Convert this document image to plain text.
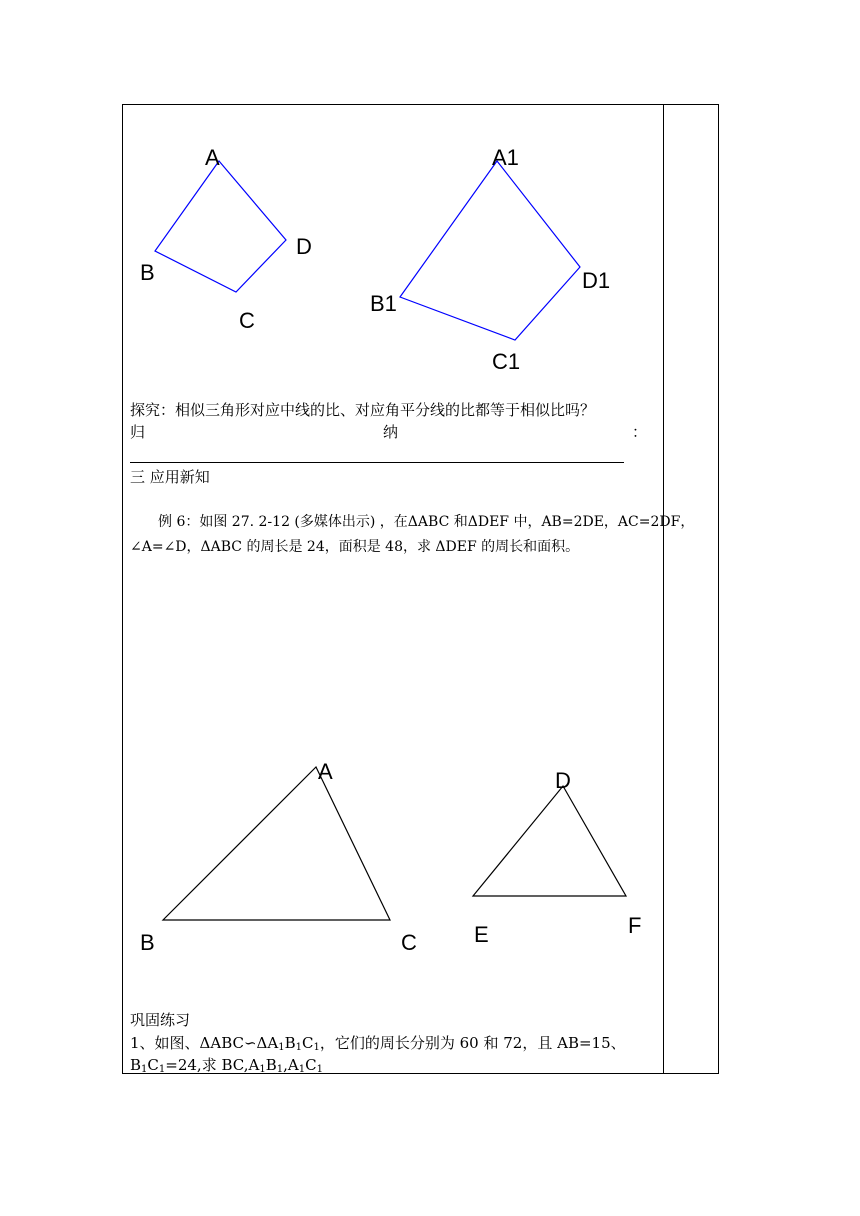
A
B
C
D
A1
B1
C1
D1
A
B	C
D
E	F
探究：相似三角形对应中线的比、对应角平分线的比都等于相似比吗？
归	纳	：
三 应用新知
例 6：如图 27. 2-12 (多媒体出示) ，在ΔABC 和ΔDEF 中，AB=2DE，AC=2DF，
∠A=∠D，ΔABC 的周长是 24，面积是 48，求 ΔDEF 的周长和面积。
巩固练习
1、如图、$\Delta ABC∽\Delta A_1B_1C_1$，它们的周长分别为 60 和 72，且 AB=15、
$B_1C_1=24$,求 $BC,A_1B_1,A_1C_1$
